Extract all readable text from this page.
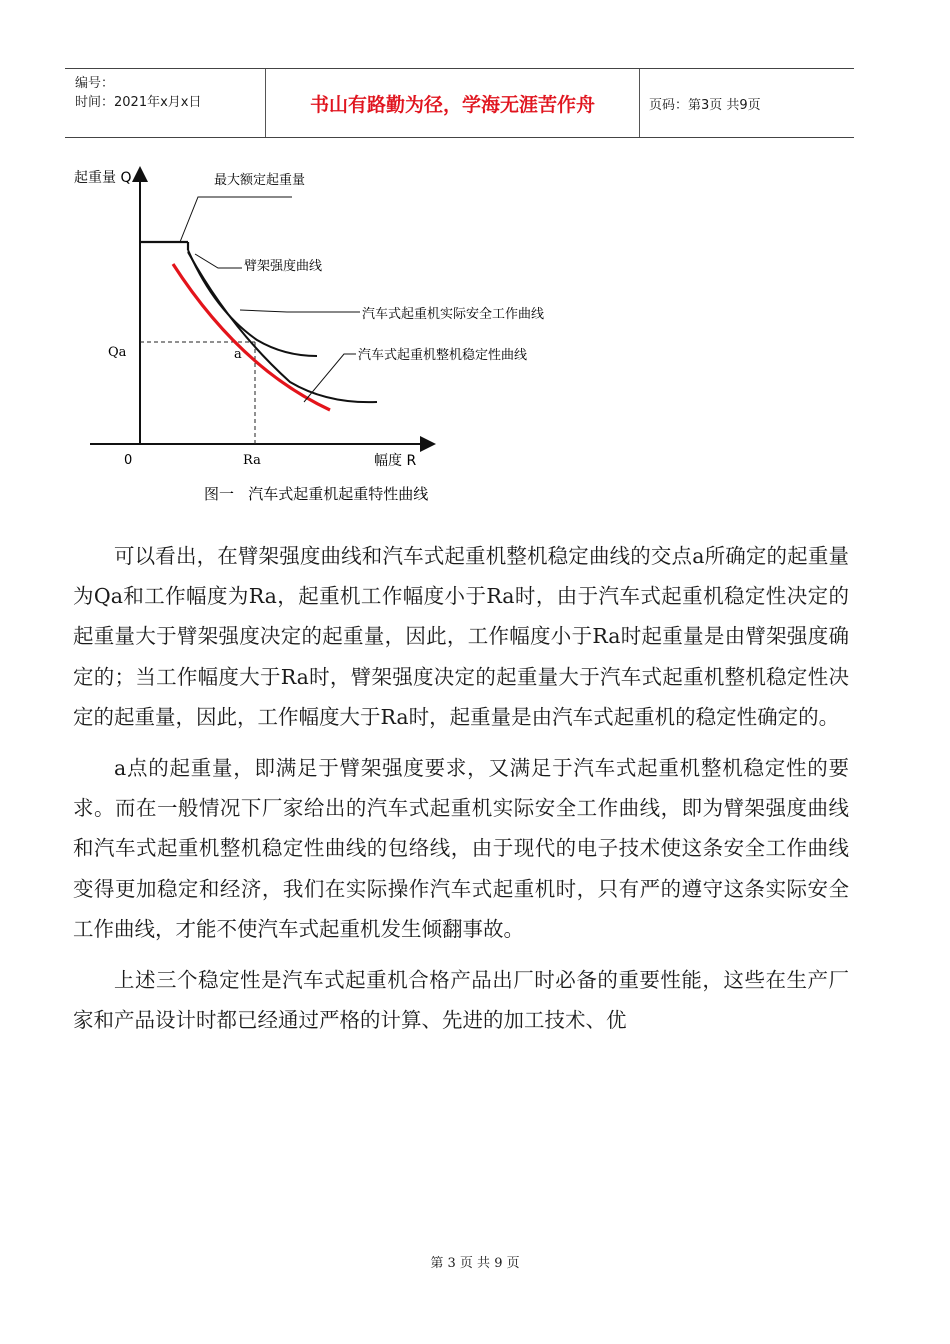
编号：
时间：2021年x月x日	书山有路勤为径，学海无涯苦作舟	页码：第3页 共9页
起重量 Q
幅度 R
0
Qa
Ra
a
最大额定起重量
臂架强度曲线
汽车式起重机实际安全工作曲线
汽车式起重机整机稳定性曲线
图一   汽车式起重机起重特性曲线

可以看出，在臂架强度曲线和汽车式起重机整机稳定曲线的交点a所确定的起重量为Qa和工作幅度为Ra，起重机工作幅度小于Ra时，由于汽车式起重机稳定性决定的起重量大于臂架强度决定的起重量，因此，工作幅度小于Ra时起重量是由臂架强度确定的；当工作幅度大于Ra时，臂架强度决定的起重量大于汽车式起重机整机稳定性决定的起重量，因此，工作幅度大于Ra时，起重量是由汽车式起重机的稳定性确定的。

a点的起重量，即满足于臂架强度要求，又满足于汽车式起重机整机稳定性的要求。而在一般情况下厂家给出的汽车式起重机实际安全工作曲线，即为臂架强度曲线和汽车式起重机整机稳定性曲线的包络线，由于现代的电子技术使这条安全工作曲线变得更加稳定和经济，我们在实际操作汽车式起重机时，只有严的遵守这条实际安全工作曲线，才能不使汽车式起重机发生倾翻事故。

上述三个稳定性是汽车式起重机合格产品出厂时必备的重要性能，这些在生产厂家和产品设计时都已经通过严格的计算、先进的加工技术、优

第 3 页 共 9 页
